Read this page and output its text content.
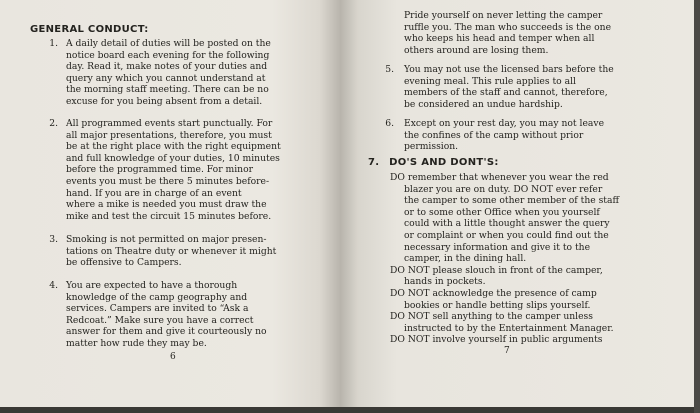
GENERAL CONDUCT:
1. A daily detail of duties will be posted on the
notice board each evening for the following
day. Read it, make notes of your duties and
query any which you cannot understand at
the morning staff meeting. There can be no
excuse for you being absent from a detail.
2. All programmed events start punctually. For
all major presentations, therefore, you must
be at the right place with the right equipment
and full knowledge of your duties, 10 minutes
before the programmed time. For minor
events you must be there 5 minutes before-
hand. If you are in charge of an event
where a mike is needed you must draw the
mike and test the circuit 15 minutes before.
3. Smoking is not permitted on major presen-
tations on Theatre duty or whenever it might
be offensive to Campers.
4. You are expected to have a thorough
knowledge of the camp geography and
services. Campers are invited to “Ask a
Redcoat.” Make sure you have a correct
answer for them and give it courteously no
matter how rude they may be.
6
Pride yourself on never letting the camper
ruffle you. The man who succeeds is the one
who keeps his head and temper when all
others around are losing them.
5. You may not use the licensed bars before the
evening meal. This rule applies to all
members of the staff and cannot, therefore,
be considered an undue hardship.
6. Except on your rest day, you may not leave
the confines of the camp without prior
permission.
7. DO'S AND DONT'S:
DO remember that whenever you wear the red
blazer you are on duty. DO NOT ever refer
the camper to some other member of the staff
or to some other Office when you yourself
could with a little thought answer the query
or complaint or when you could find out the
necessary information and give it to the
camper, in the dining hall.
DO NOT please slouch in front of the camper,
hands in pockets.
DO NOT acknowledge the presence of camp
bookies or handle betting slips yourself.
DO NOT sell anything to the camper unless
instructed to by the Entertainment Manager.
DO NOT involve yourself in public arguments
7
